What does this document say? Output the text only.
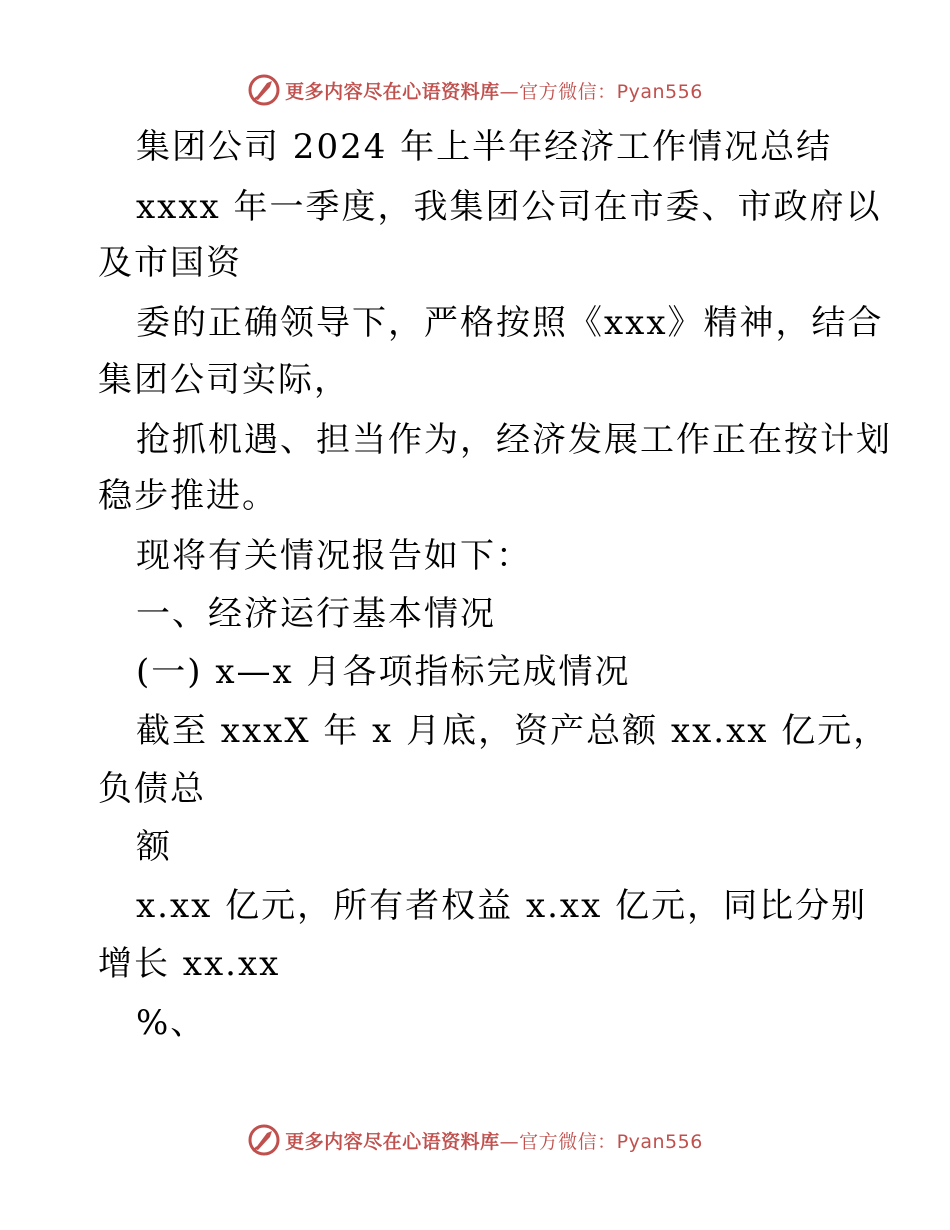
更多内容尽在心语资料库—官方微信：Pyan556
集团公司 2024 年上半年经济工作情况总结
xxxx 年一季度，我集团公司在市委、市政府以
及市国资
委的正确领导下，严格按照《xxx》精神，结合
集团公司实际，
抢抓机遇、担当作为，经济发展工作正在按计划
稳步推进。
现将有关情况报告如下：
一、经济运行基本情况
(一) x—x 月各项指标完成情况
截至 xxxX 年 x 月底，资产总额 xx.xx 亿元，
负债总
额
x.xx 亿元，所有者权益 x.xx 亿元，同比分别
增长 xx.xx
%、
更多内容尽在心语资料库—官方微信：Pyan556
